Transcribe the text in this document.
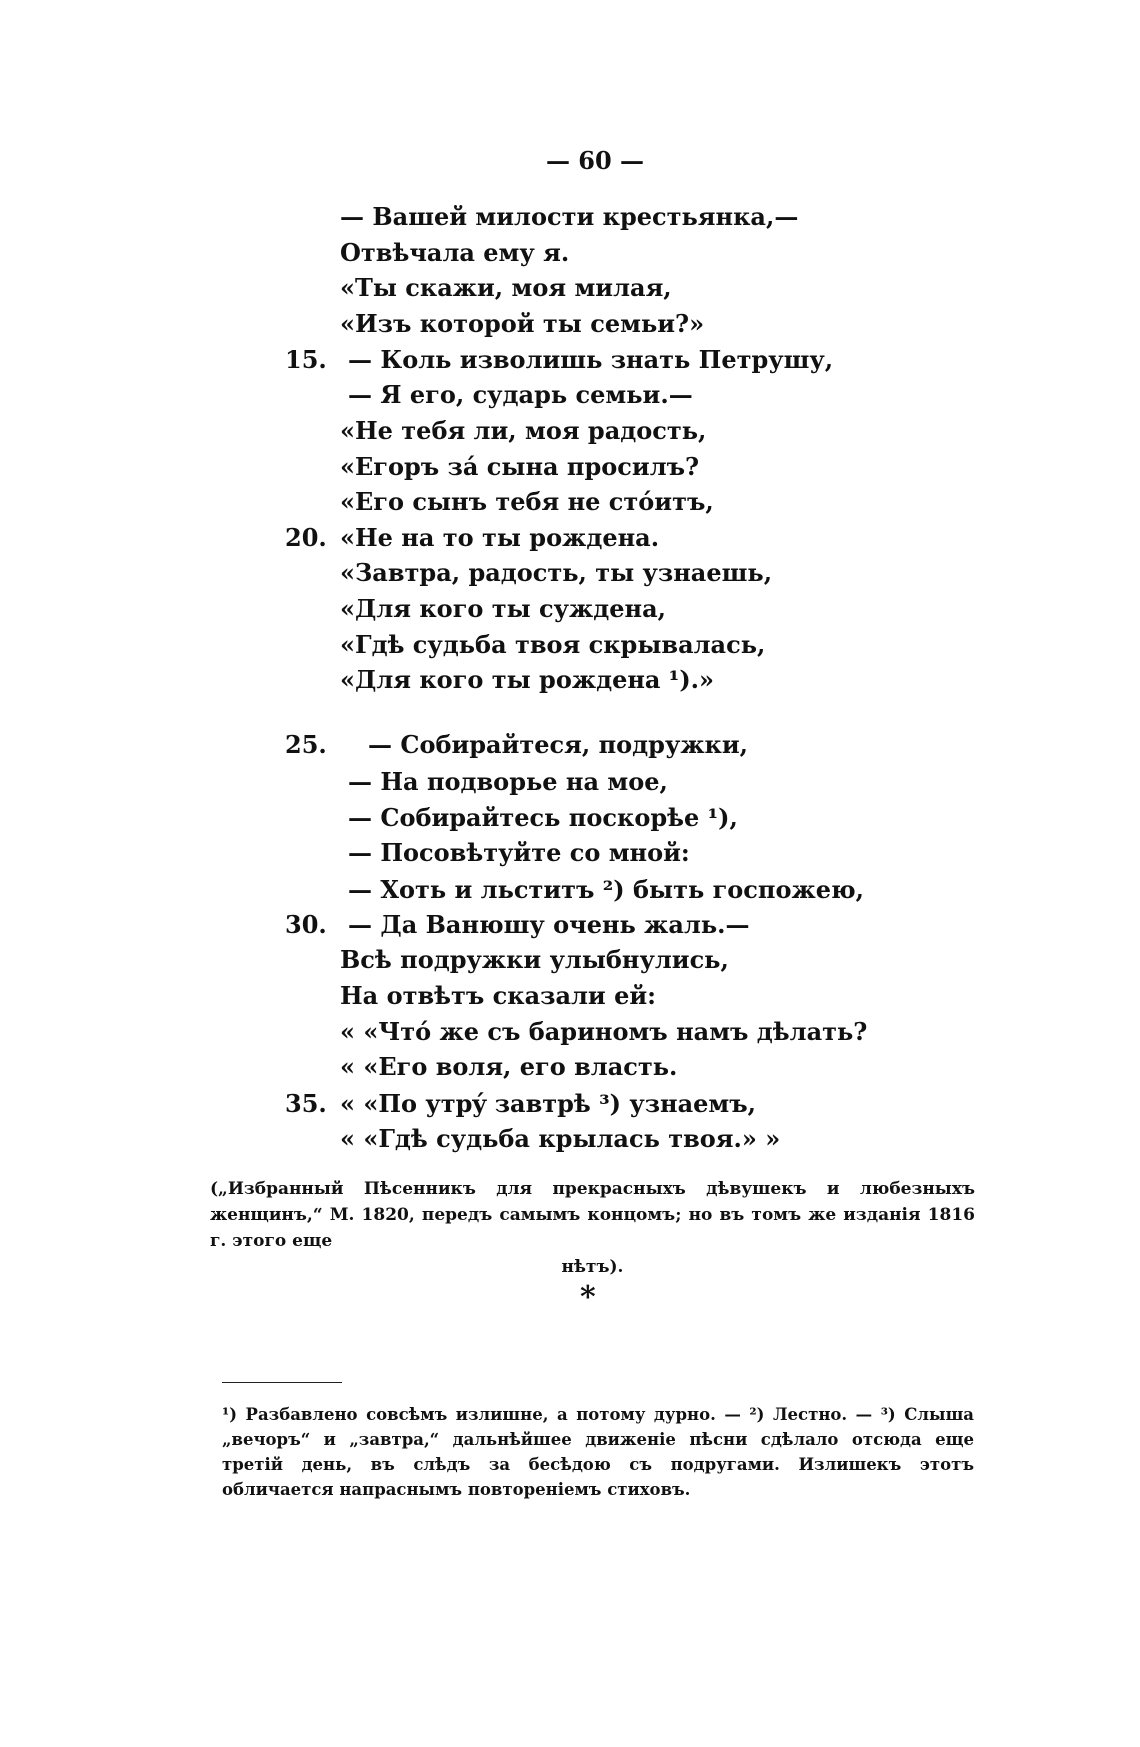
— 60 —
— Вашей милости крестьянка,—
Отвѣчала ему я.
«Ты скажи, моя милая,
«Изъ которой ты семьи?»
15. — Коль изволишь знать Петрушу,
— Я его, сударь семьи.—
«Не тебя ли, моя радость,
«Егоръ зá сына просилъ?
«Его сынъ тебя не стóитъ,
20. «Не на то ты рождена.
«Завтра, радость, ты узнаешь,
«Для кого ты суждена,
«Гдѣ судьба твоя скрывалась,
«Для кого ты рождена ¹).»
25.	— Собирайтеся, подружки,
— На подворье на мое,
— Собирайтесь поскорѣе ¹),
— Посовѣтуйте со мной:
— Хоть и льститъ ²) быть госпожею,
30. — Да Ванюшу очень жаль.—
Всѣ подружки улыбнулись,
На отвѣтъ сказали ей:
« «Чтó же съ бариномъ намъ дѣлать?
« «Его воля, его власть.
35. « «По утрý завтрѣ ³) узнаемъ,
« «Гдѣ судьба крылась твоя.» »
(„Избранный Пѣсенникъ для прекрасныхъ дѣвушекъ и любезныхъ женщинъ,“ М. 1820, передъ самымъ концомъ; но въ томъ же изданія 1816 г. этого еще
нѣтъ).
*
¹) Разбавлено совсѣмъ излишне, а потому дурно. — ²) Лестно. — ³) Слыша „вечоръ“ и „завтра,“ дальнѣйшее движеніе пѣсни сдѣлало отсюда еще третій день, въ слѣдъ за бесѣдою съ подругами. Излишекъ этотъ обличается напраснымъ повтореніемъ стиховъ.
